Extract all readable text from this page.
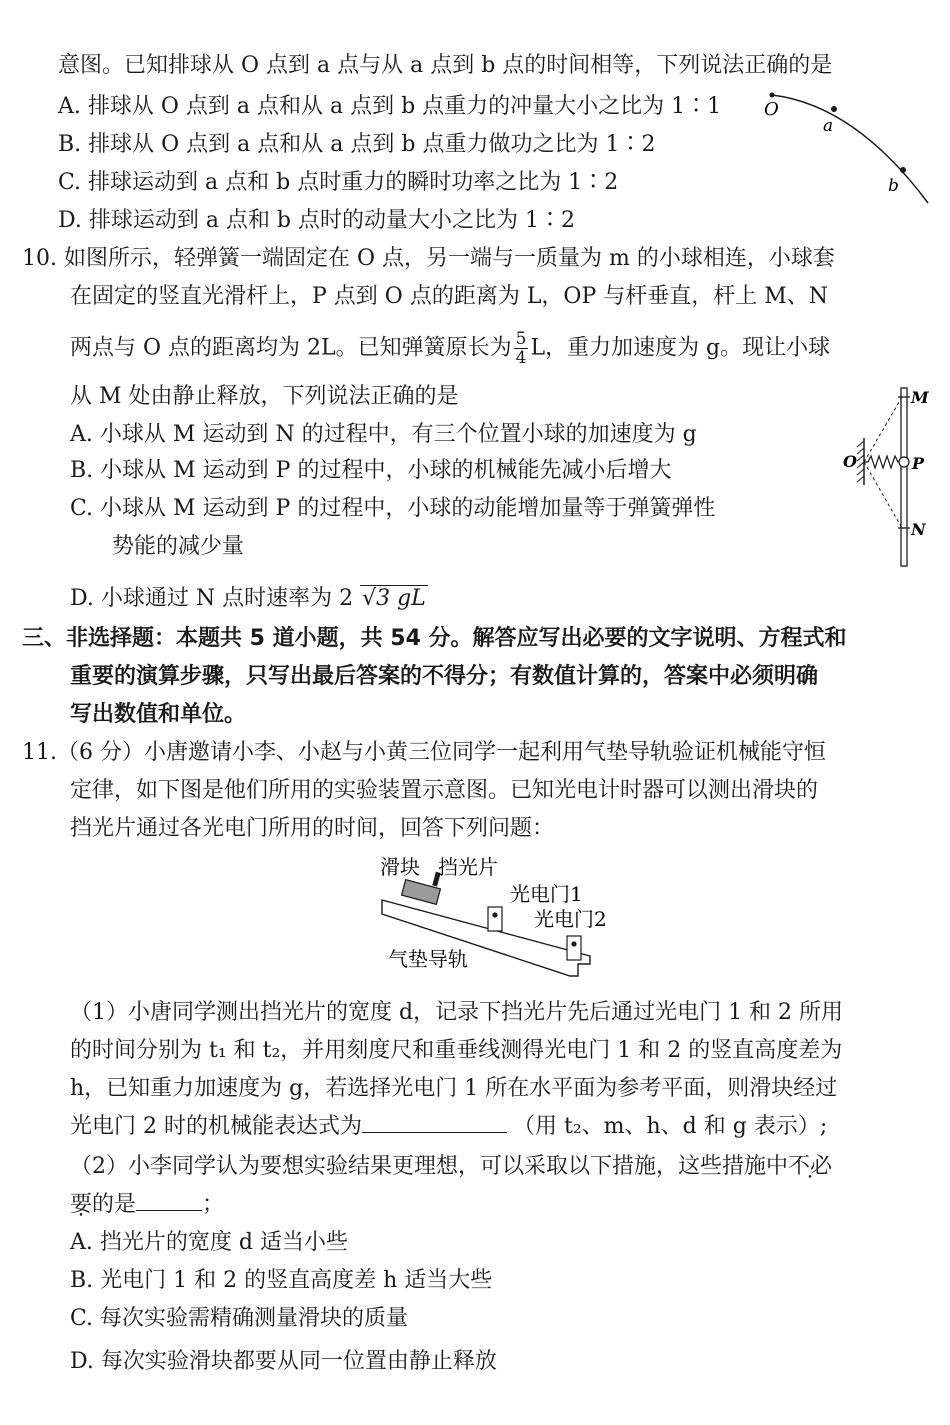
意图。已知排球从 O 点到 a 点与从 a 点到 b 点的时间相等，下列说法正确的是
A. 排球从 O 点到 a 点和从 a 点到 b 点重力的冲量大小之比为 1∶1
B. 排球从 O 点到 a 点和从 a 点到 b 点重力做功之比为 1∶2
C. 排球运动到 a 点和 b 点时重力的瞬时功率之比为 1∶2
D. 排球运动到 a 点和 b 点时的动量大小之比为 1∶2
O
a
b
10. 如图所示，轻弹簧一端固定在 O 点，另一端与一质量为 m 的小球相连，小球套
在固定的竖直光滑杆上，P 点到 O 点的距离为 L，OP 与杆垂直，杆上 M、N
两点与 O 点的距离均为 2L。已知弹簧原长为 $\frac{5}{4}$ L，重力加速度为 g。现让小球
从 M 处由静止释放，下列说法正确的是
A. 小球从 M 运动到 N 的过程中，有三个位置小球的加速度为 g
B. 小球从 M 运动到 P 的过程中，小球的机械能先减小后增大
C. 小球从 M 运动到 P 的过程中，小球的动能增加量等于弹簧弹性
势能的减少量
D. 小球通过 N 点时速率为 2 √3 gL
M
O	P
N
三、非选择题：本题共 5 道小题，共 54 分。解答应写出必要的文字说明、方程式和
重要的演算步骤，只写出最后答案的不得分；有数值计算的，答案中必须明确
写出数值和单位。
11.（6 分）小唐邀请小李、小赵与小黄三位同学一起利用气垫导轨验证机械能守恒
定律，如下图是他们所用的实验装置示意图。已知光电计时器可以测出滑块的
挡光片通过各光电门所用的时间，回答下列问题：
滑块 挡光片
光电门1
光电门2
气垫导轨
（1）小唐同学测出挡光片的宽度 d，记录下挡光片先后通过光电门 1 和 2 所用
的时间分别为 t₁ 和 t₂，并用刻度尺和重垂线测得光电门 1 和 2 的竖直高度差为
h，已知重力加速度为 g，若选择光电门 1 所在水平面为参考平面，则滑块经过
光电门 2 时的机械能表达式为	（用 t₂、m、h、d 和 g 表示）;
（2）小李同学认为要想实验结果更理想，可以采取以下措施，这些措施中不必
要的是	；
A. 挡光片的宽度 d 适当小些
B. 光电门 1 和 2 的竖直高度差 h 适当大些
C. 每次实验需精确测量滑块的质量
D. 每次实验滑块都要从同一位置由静止释放
